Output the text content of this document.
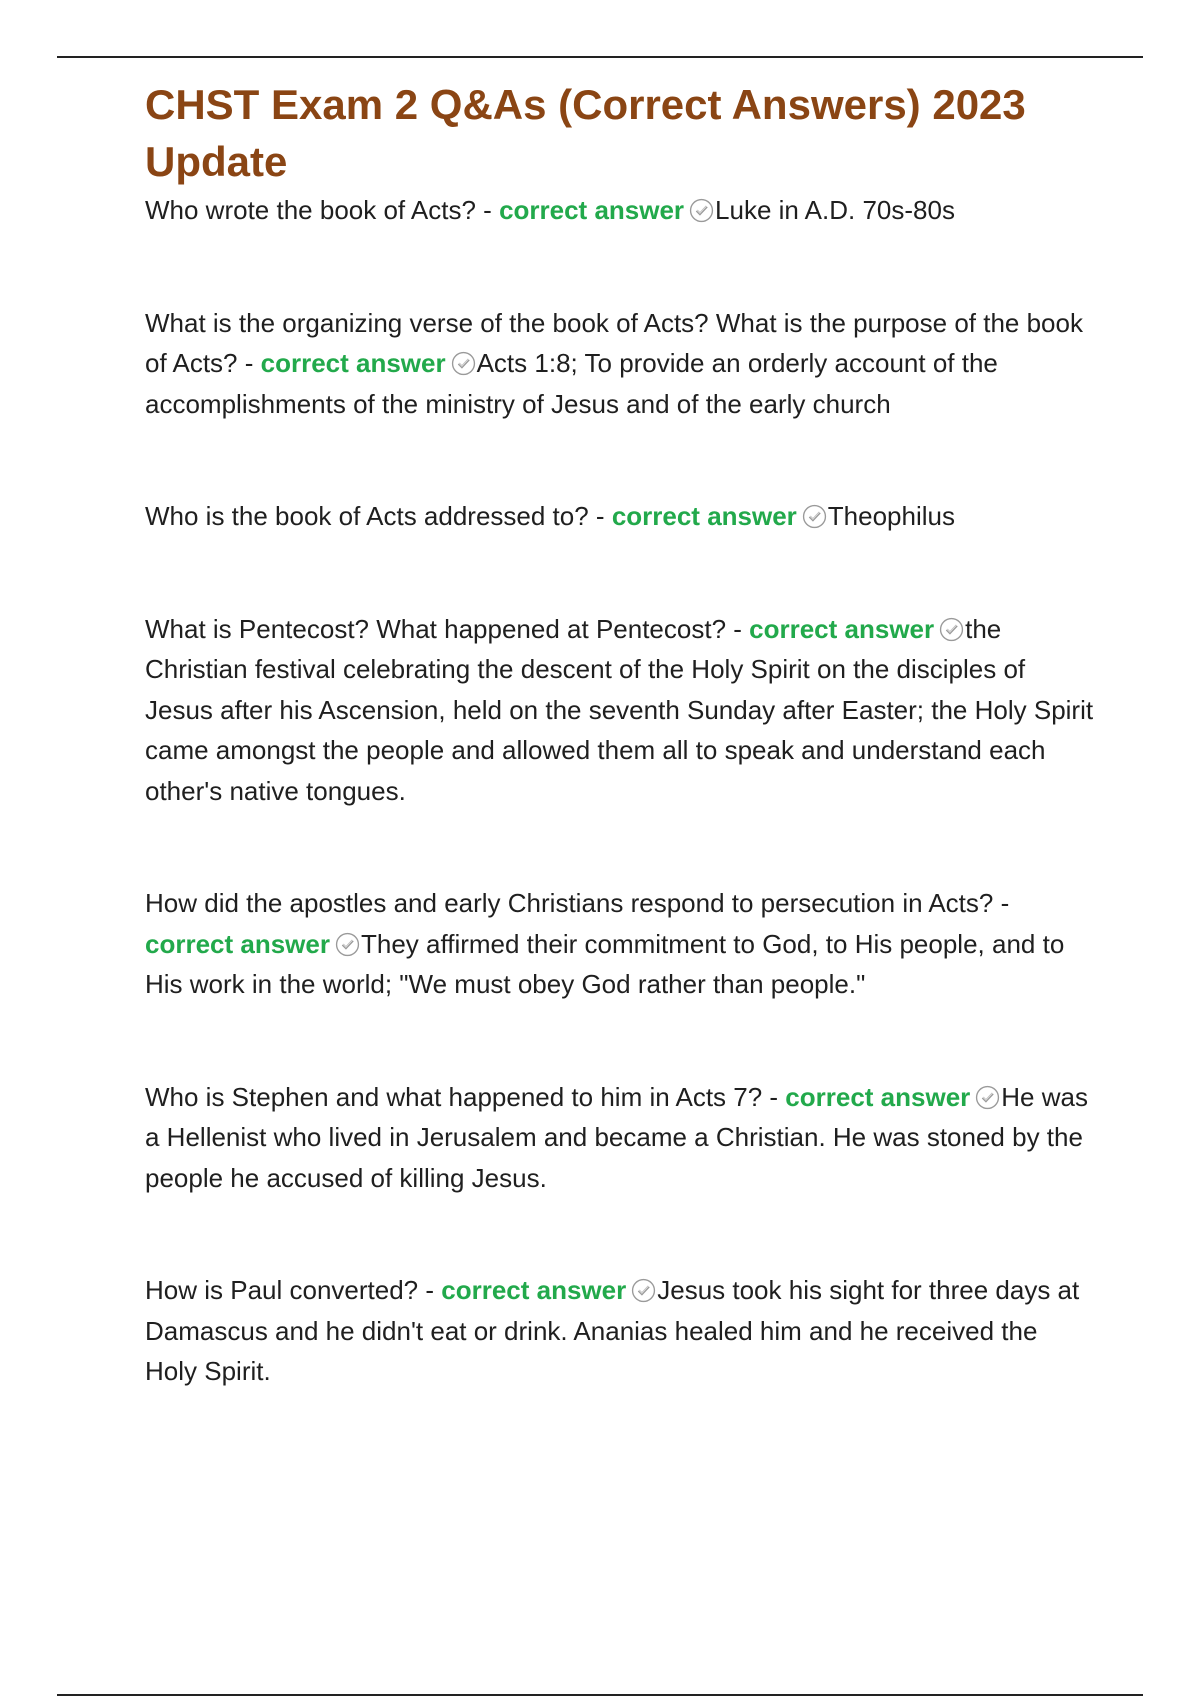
CHST Exam 2 Q&As (Correct Answers) 2023 Update

Who wrote the book of Acts? - correct answer Luke in A.D. 70s-80s

What is the organizing verse of the book of Acts? What is the purpose of the book of Acts? - correct answer Acts 1:8; To provide an orderly account of the accomplishments of the ministry of Jesus and of the early church

Who is the book of Acts addressed to? - correct answer Theophilus

What is Pentecost? What happened at Pentecost? - correct answer the Christian festival celebrating the descent of the Holy Spirit on the disciples of Jesus after his Ascension, held on the seventh Sunday after Easter; the Holy Spirit came amongst the people and allowed them all to speak and understand each other's native tongues.

How did the apostles and early Christians respond to persecution in Acts? - correct answer They affirmed their commitment to God, to His people, and to His work in the world; "We must obey God rather than people."

Who is Stephen and what happened to him in Acts 7? - correct answer He was a Hellenist who lived in Jerusalem and became a Christian. He was stoned by the people he accused of killing Jesus.

How is Paul converted? - correct answer Jesus took his sight for three days at Damascus and he didn't eat or drink. Ananias healed him and he received the Holy Spirit.
